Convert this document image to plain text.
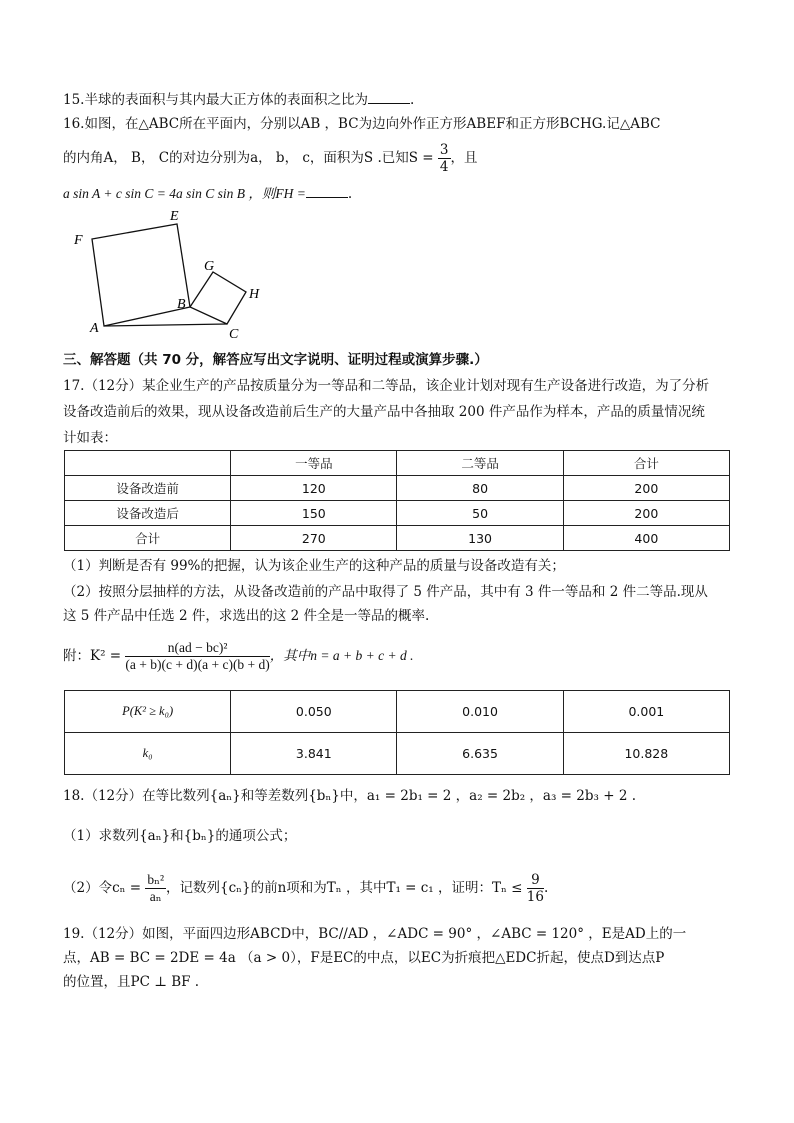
15.半球的表面积与其内最大正方体的表面积之比为	.
16.如图，在△ABC所在平面内，分别以AB ，BC为边向外作正方形ABEF和正方形BCHG.记△ABC
的内角A， B， C的对边分别为a， b， c，面积为S .已知$S = \frac{3}{4}$ ，且
a sin A + c sin C = 4a sin C sin B ，则FH =	.
F
E
G
H
B
A	C
三、解答题（共 70 分，解答应写出文字说明、证明过程或演算步骤.）
17.（12分）某企业生产的产品按质量分为一等品和二等品，该企业计划对现有生产设备进行改造，为了分析
设备改造前后的效果，现从设备改造前后生产的大量产品中各抽取 200 件产品作为样本，产品的质量情况统
计如表：
	一等品	二等品	合计
设备改造前	120	80	200
设备改造后	150	50	200
合计	270	130	400
（1）判断是否有 99%的把握，认为该企业生产的这种产品的质量与设备改造有关；
（2）按照分层抽样的方法，从设备改造前的产品中取得了 5 件产品，其中有 3 件一等品和 2 件二等品.现从
这 5 件产品中任选 2 件，求选出的这 2 件全是一等品的概率.
附：$K^2 = \frac{\text{n(ad − bc)²}}{(a + b)(c + d)(a + c)(b + d)}$ ，其中n = a + b + c + d .
P(K² ≥ k₀)	0.050	0.010	0.001
k₀	3.841	6.635	10.828
18.（12分）在等比数列{aₙ}和等差数列{bₙ}中，a₁ = 2b₁ = 2 ，a₂ = 2b₂ ，a₃ = 2b₃ + 2 .
（1）求数列{aₙ}和{bₙ}的通项公式；
（2）令$c_n = \frac{\text{bₙ²}}{\text{aₙ}}$ ，记数列{cₙ}的前n项和为Tₙ ，其中T₁ = c₁ ，证明：$T_n \le \frac{9}{16}$ .
19.（12分）如图，平面四边形ABCD中，BC//AD ，∠ADC = 90° ，∠ABC = 120° ，E是AD上的一
点，AB = BC = 2DE = 4a （a > 0），F是EC的中点，以EC为折痕把△EDC折起，使点D到达点P
的位置，且PC ⊥ BF .
